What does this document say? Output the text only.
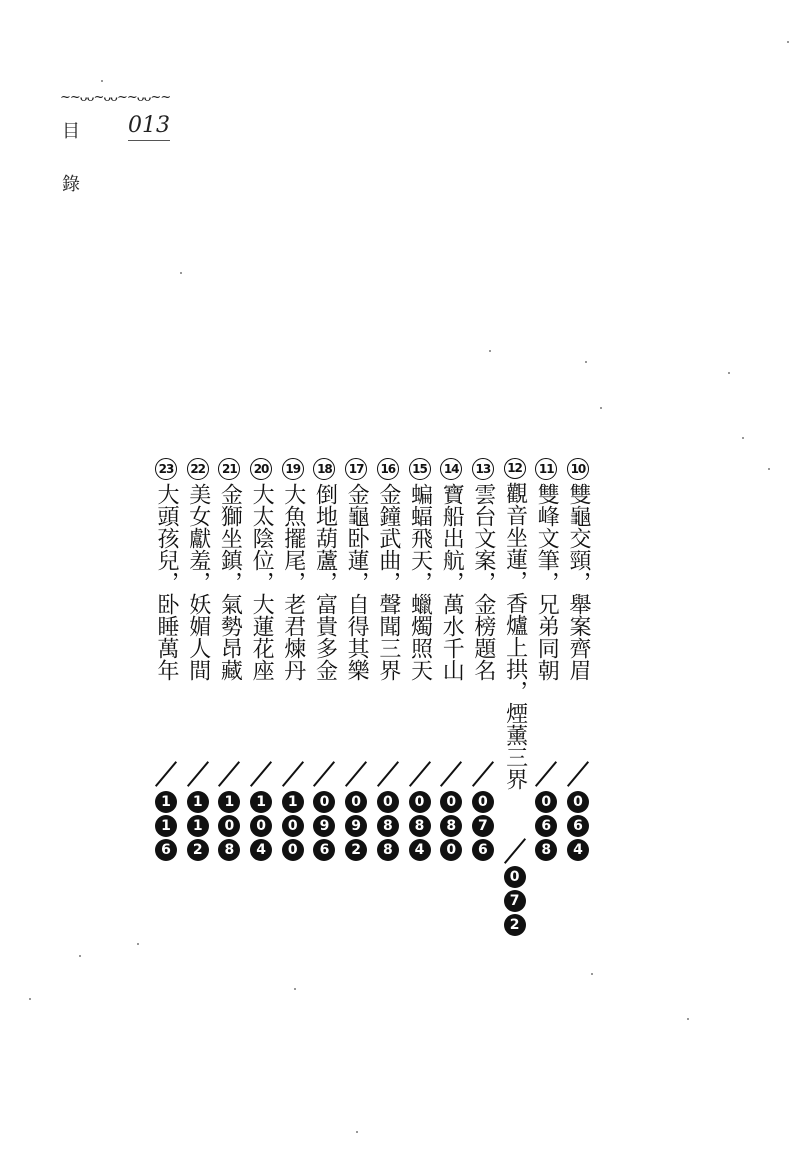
~~ᴗᴗ~ᴗᴗ~~ᴗᴗ~~
目 013
錄
10
雙龜交頸，舉案齊眉
0
6
4
11
雙峰文筆，兄弟同朝
0
6
8
12
觀音坐蓮，香爐上拱，煙薰三界
0
7
2
13
雲台文案，金榜題名
0
7
6
14
寶船出航，萬水千山
0
8
0
15
蝙蝠飛天，蠟燭照天
0
8
4
16
金鐘武曲，聲聞三界
0
8
8
17
金龜卧蓮，自得其樂
0
9
2
18
倒地葫蘆，富貴多金
0
9
6
19
大魚擺尾，老君煉丹
1
0
0
20
大太陰位，大蓮花座
1
0
4
21
金獅坐鎮，氣勢昂藏
1
0
8
22
美女獻羞，妖媚人間
1
1
2
23
大頭孩兒，卧睡萬年
1
1
6
